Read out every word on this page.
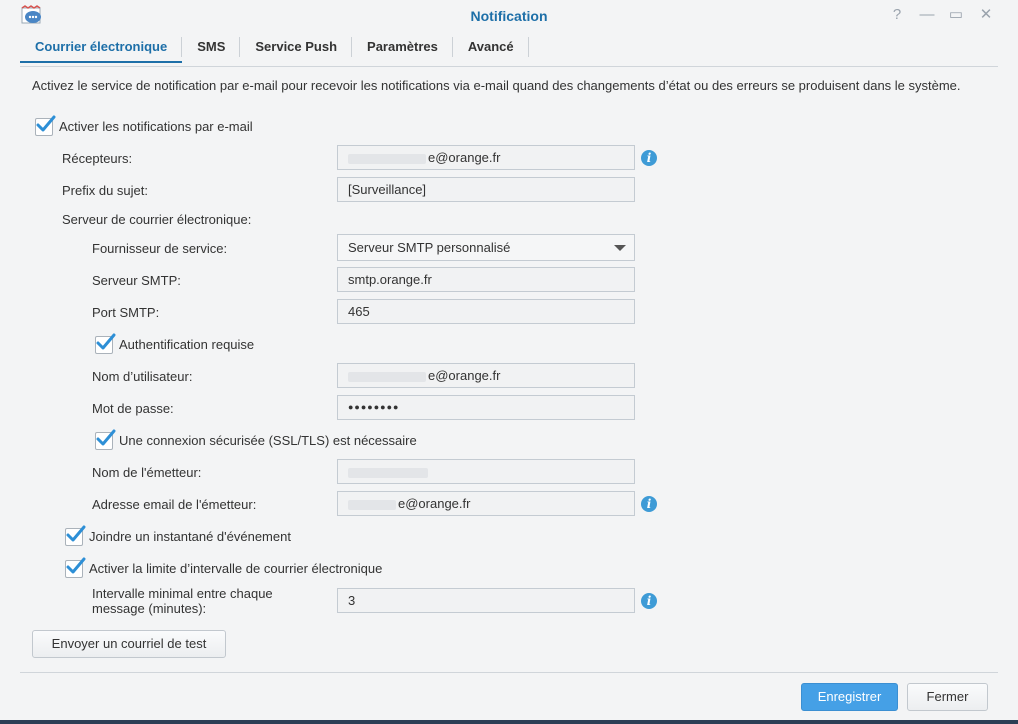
Notification	?	— ▭	✕
Courrier électronique	SMS	Service Push	Paramètres	Avancé
Activez le service de notification par e-mail pour recevoir les notifications via e-mail quand des changements d’état ou des erreurs se produisent dans le système.
Activer les notifications par e-mail
Récepteurs:	e@orange.fr	i
Prefix du sujet:	[Surveillance]
Serveur de courrier électronique:
Fournisseur de service:	Serveur SMTP personnalisé
Serveur SMTP:	smtp.orange.fr
Port SMTP:	465
Authentification requise
Nom d’utilisateur:	e@orange.fr
Mot de passe:	●●●●●●●●
Une connexion sécurisée (SSL/TLS) est nécessaire
Nom de l'émetteur:
Adresse email de l'émetteur:	e@orange.fr	i
Joindre un instantané d'événement
Activer la limite d’intervalle de courrier électronique
Intervalle minimal entre chaque message (minutes):
3	i
Envoyer un courriel de test
Enregistrer	Fermer
